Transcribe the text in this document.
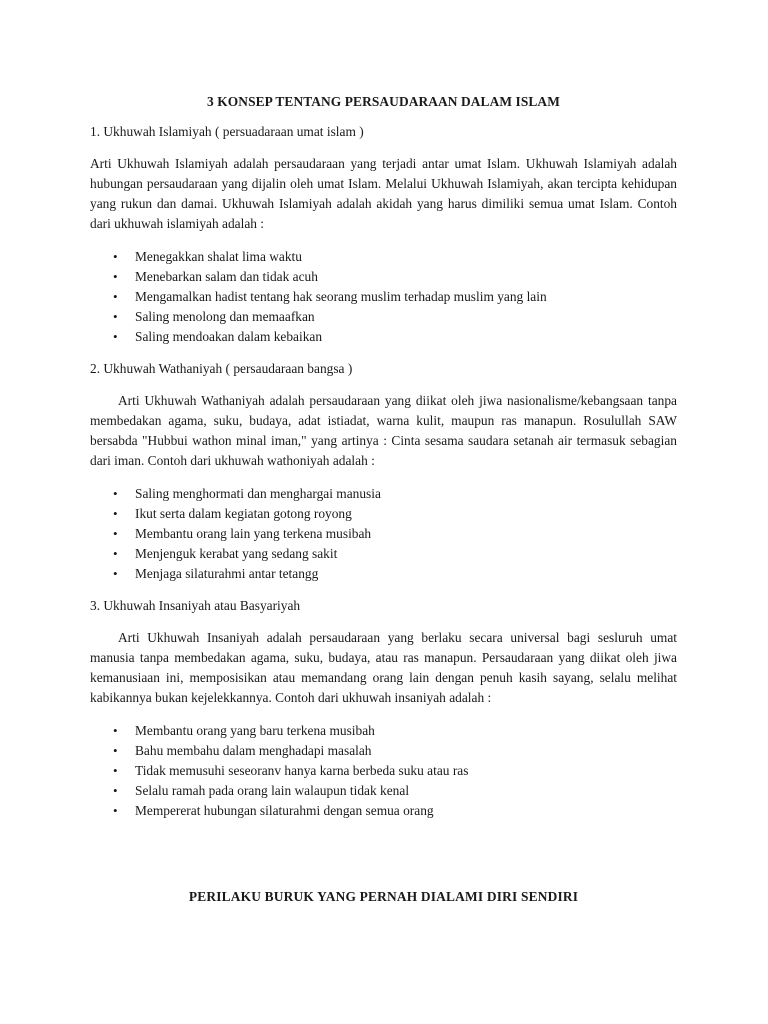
3 KONSEP TENTANG PERSAUDARAAN DALAM ISLAM
1. Ukhuwah Islamiyah ( persuadaraan umat islam )
Arti Ukhuwah Islamiyah adalah persaudaraan yang terjadi antar umat Islam. Ukhuwah Islamiyah adalah hubungan persaudaraan yang dijalin oleh umat Islam. Melalui Ukhuwah Islamiyah, akan tercipta kehidupan yang rukun dan damai. Ukhuwah Islamiyah adalah akidah yang harus dimiliki semua umat Islam. Contoh dari ukhuwah islamiyah adalah :
• Menegakkan shalat lima waktu
• Menebarkan salam dan tidak acuh
• Mengamalkan hadist tentang hak seorang muslim terhadap muslim yang lain
• Saling menolong dan memaafkan
• Saling mendoakan dalam kebaikan
2. Ukhuwah Wathaniyah ( persaudaraan bangsa )
Arti Ukhuwah Wathaniyah adalah persaudaraan yang diikat oleh jiwa nasionalisme/kebangsaan tanpa membedakan agama, suku, budaya, adat istiadat, warna kulit, maupun ras manapun. Rosulullah SAW bersabda "Hubbui wathon minal iman," yang artinya : Cinta sesama saudara setanah air termasuk sebagian dari iman. Contoh dari ukhuwah wathoniyah adalah :
• Saling menghormati dan menghargai manusia
• Ikut serta dalam kegiatan gotong royong
• Membantu orang lain yang terkena musibah
• Menjenguk kerabat yang sedang sakit
• Menjaga silaturahmi antar tetangg
3. Ukhuwah Insaniyah atau Basyariyah
Arti Ukhuwah Insaniyah adalah persaudaraan yang berlaku secara universal bagi sesluruh umat manusia tanpa membedakan agama, suku, budaya, atau ras manapun. Persaudaraan yang diikat oleh jiwa kemanusiaan ini, memposisikan atau memandang orang lain dengan penuh kasih sayang, selalu melihat kabikannya bukan kejelekkannya. Contoh dari ukhuwah insaniyah adalah :
• Membantu orang yang baru terkena musibah
• Bahu membahu dalam menghadapi masalah
• Tidak memusuhi seseoranv hanya karna berbeda suku atau ras
• Selalu ramah pada orang lain walaupun tidak kenal
• Mempererat hubungan silaturahmi dengan semua orang
PERILAKU BURUK YANG PERNAH DIALAMI DIRI SENDIRI
